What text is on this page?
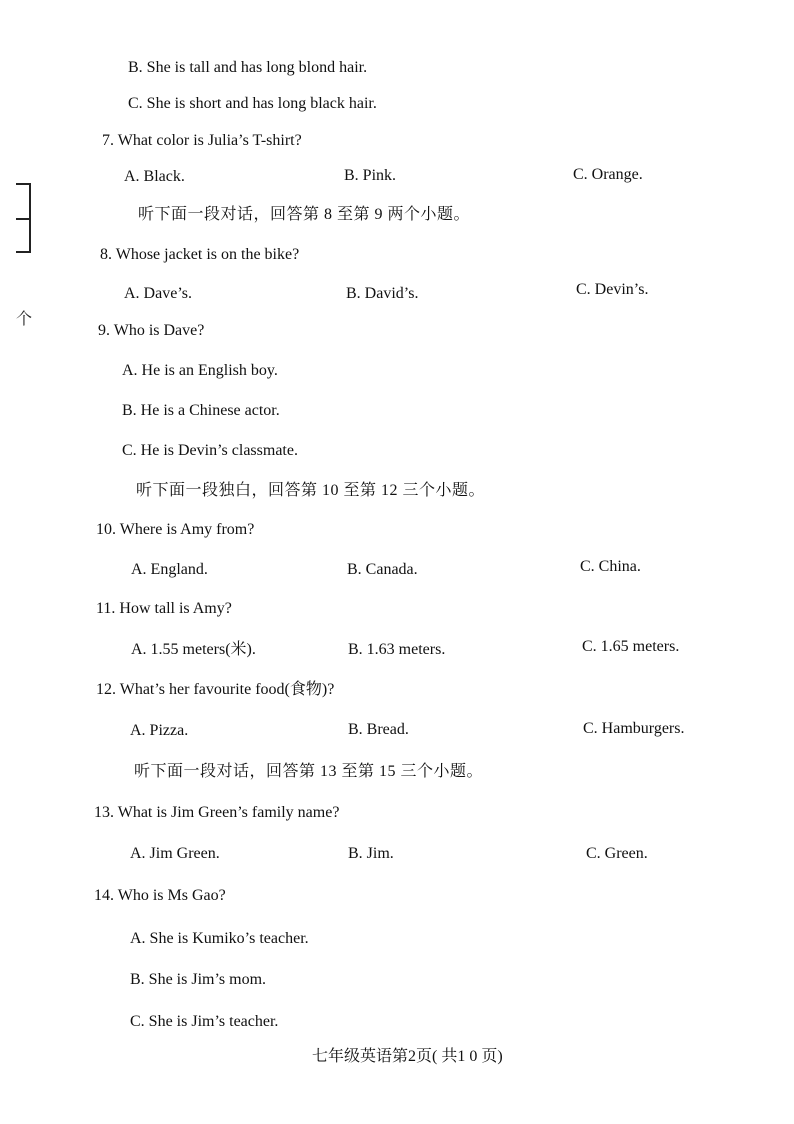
个
B. She is tall and has long blond hair.
C. She is short and has long black hair.
7. What color is Julia’s T-shirt?
A. Black.	B. Pink.	C. Orange.
听下面一段对话，回答第 8 至第 9 两个小题。
8. Whose jacket is on the bike?
A. Dave’s.	B. David’s.	C. Devin’s.
9. Who is Dave?
A. He is an English boy.
B. He is a Chinese actor.
C. He is Devin’s classmate.
听下面一段独白，回答第 10 至第 12 三个小题。
10. Where is Amy from?
A. England.	B. Canada.	C. China.
11. How tall is Amy?
A. 1.55 meters(米).	B. 1.63 meters.	C. 1.65 meters.
12. What’s her favourite food(食物)?
A. Pizza.	B. Bread.	C. Hamburgers.
听下面一段对话，回答第 13 至第 15 三个小题。
13. What is Jim Green’s family name?
A. Jim Green.	B. Jim.	C. Green.
14. Who is Ms Gao?
A. She is Kumiko’s teacher.
B. She is Jim’s mom.
C. She is Jim’s teacher.
七年级英语第2页( 共1 0 页)
